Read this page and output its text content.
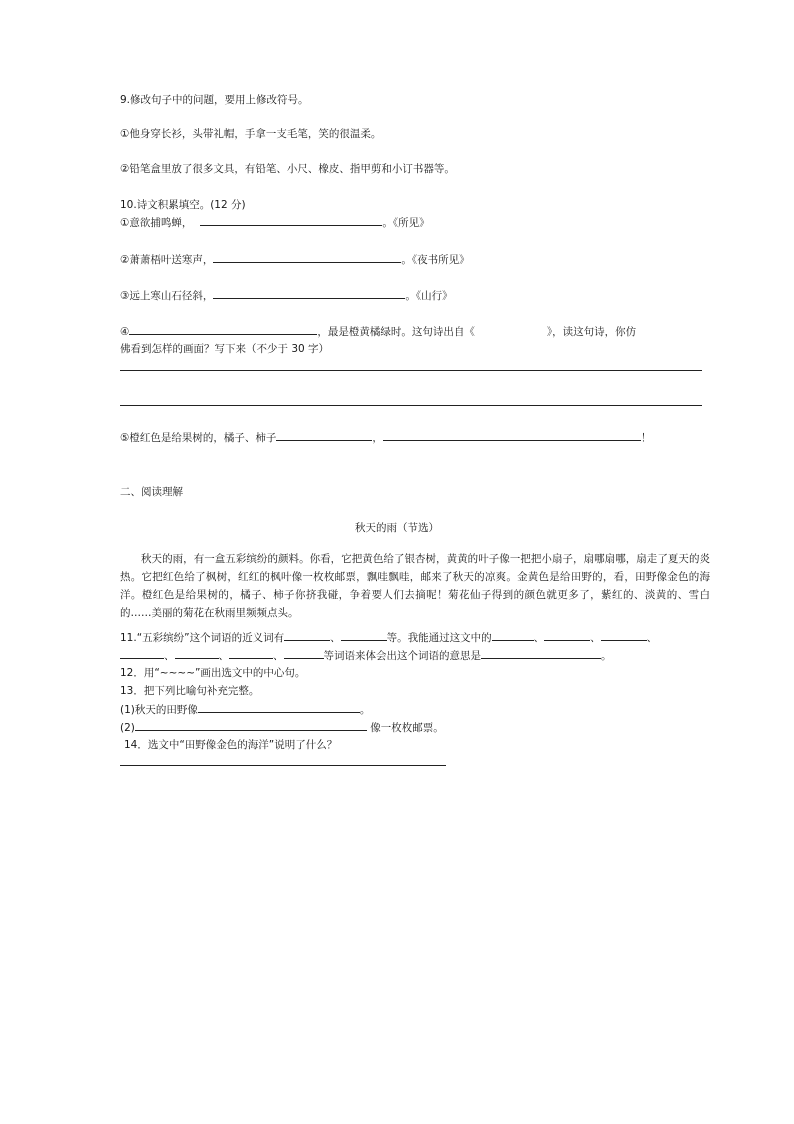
9.修改句子中的问题，要用上修改符号。
①他身穿长衫，头带礼帽，手拿一支毛笔，笑的很温柔。
②铅笔盒里放了很多文具，有铅笔、小尺、橡皮、指甲剪和小订书器等。
10.诗文积累填空。(12 分)
①意欲捕鸣蝉，	。《所见》
②萧萧梧叶送寒声，	。《夜书所见》
③远上寒山石径斜，	。《山行》
④	，最是橙黄橘绿时。这句诗出自《	》，读这句诗，你仿
佛看到怎样的画面？写下来（不少于 30 字）
⑤橙红色是给果树的，橘子、柿子	，	！
二、阅读理解
秋天的雨（节选）
秋天的雨，有一盒五彩缤纷的颜料。你看，它把黄色给了银杏树，黄黄的叶子像一把把小扇子，扇哪扇哪，扇走了夏天的炎热。它把红色给了枫树，红红的枫叶像一枚枚邮票，飘哇飘哇，邮来了秋天的凉爽。金黄色是给田野的，看，田野像金色的海洋。橙红色是给果树的，橘子、柿子你挤我碰，争着要人们去摘呢！菊花仙子得到的颜色就更多了，紫红的、淡黄的、雪白的……美丽的菊花在秋雨里频频点头。
11.“五彩缤纷”这个词语的近义词有	、	等。我能通过这文中的	、	、	、
、	、	、	等词语来体会出这个词语的意思是	。
12．用“~~~~”画出选文中的中心句。
13．把下列比喻句补充完整。
(1)秋天的田野像	。
(2)	像一枚枚邮票。
14．选文中“田野像金色的海洋”说明了什么？
